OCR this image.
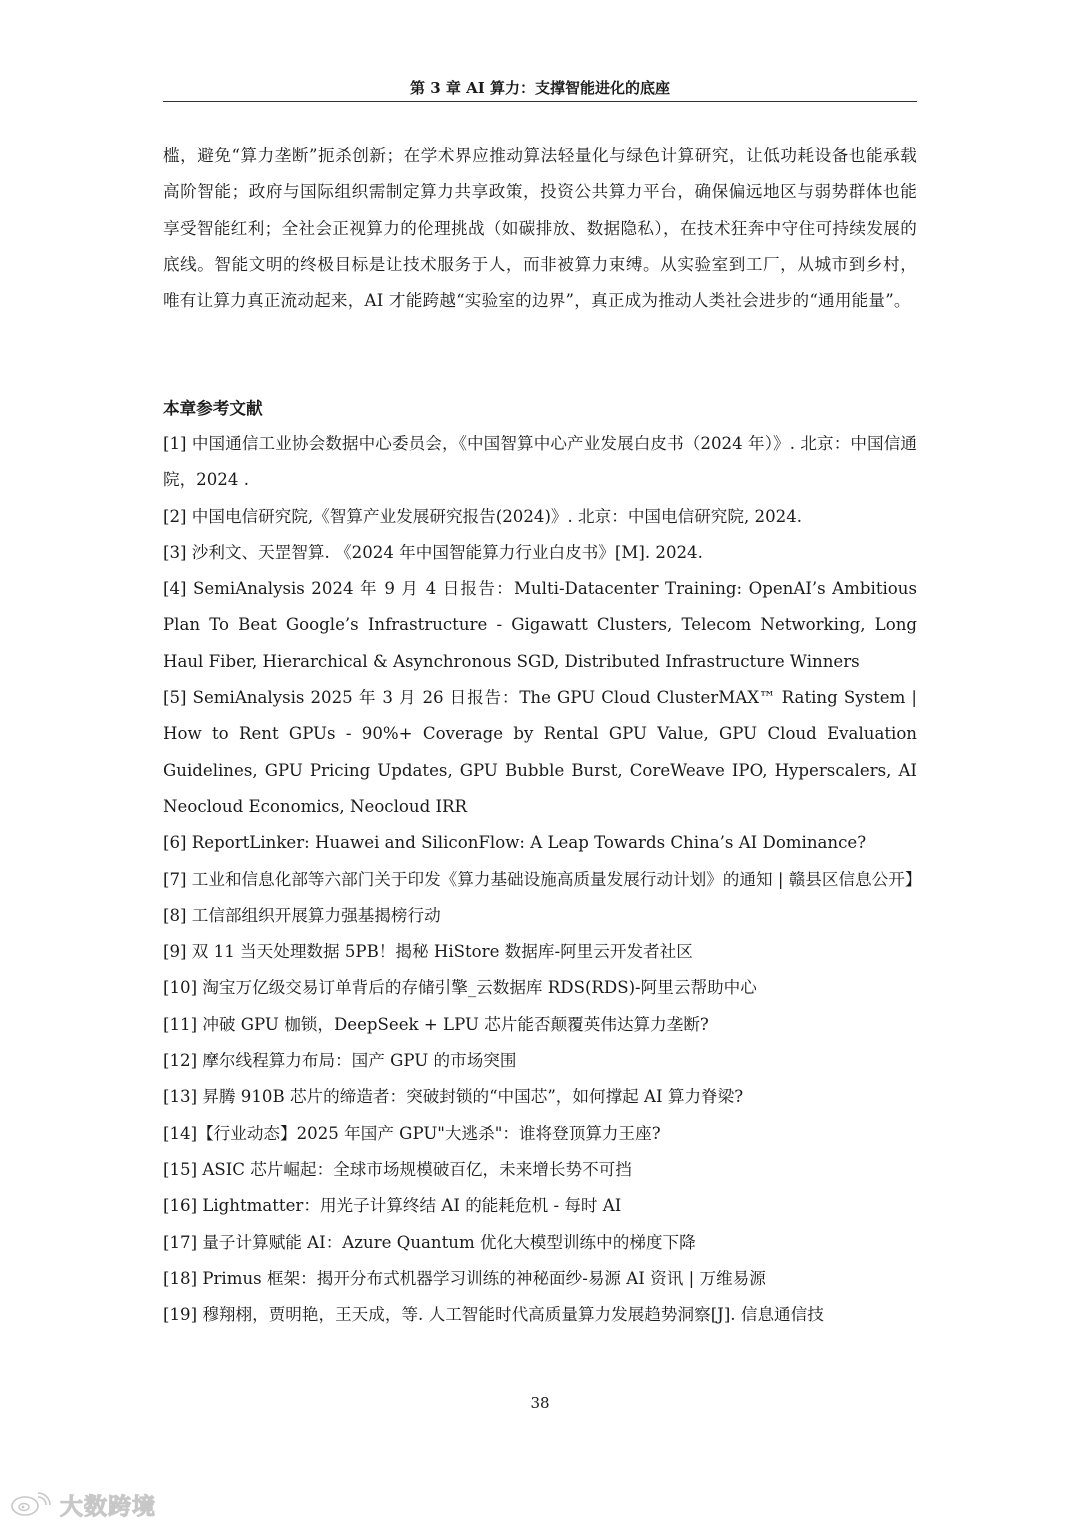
第 3 章 AI 算力：支撑智能进化的底座
槛，避免“算力垄断”扼杀创新；在学术界应推动算法轻量化与绿色计算研究，让低功耗设备也能承载高阶智能；政府与国际组织需制定算力共享政策，投资公共算力平台，确保偏远地区与弱势群体也能享受智能红利；全社会正视算力的伦理挑战（如碳排放、数据隐私），在技术狂奔中守住可持续发展的底线。智能文明的终极目标是让技术服务于人，而非被算力束缚。从实验室到工厂，从城市到乡村，唯有让算力真正流动起来，AI 才能跨越“实验室的边界”，真正成为推动人类社会进步的“通用能量”。
本章参考文献
[1] 中国通信工业协会数据中心委员会，《中国智算中心产业发展白皮书（2024 年）》. 北京：中国信通院，2024 .
[2] 中国电信研究院,《智算产业发展研究报告(2024)》. 北京：中国电信研究院, 2024.
[3] 沙利文、天罡智算. 《2024 年中国智能算力行业白皮书》[M]. 2024.
[4] SemiAnalysis 2024 年 9 月 4 日报告：Multi-Datacenter Training: OpenAI’s Ambitious Plan To Beat Google’s Infrastructure - Gigawatt Clusters, Telecom Networking, Long Haul Fiber, Hierarchical & Asynchronous SGD, Distributed Infrastructure Winners
[5] SemiAnalysis 2025 年 3 月 26 日报告：The GPU Cloud ClusterMAX™ Rating System | How to Rent GPUs - 90%+ Coverage by Rental GPU Value, GPU Cloud Evaluation Guidelines, GPU Pricing Updates, GPU Bubble Burst, CoreWeave IPO, Hyperscalers, AI Neocloud Economics, Neocloud IRR
[6] ReportLinker: Huawei and SiliconFlow: A Leap Towards China’s AI Dominance?
[7] 工业和信息化部等六部门关于印发《算力基础设施高质量发展行动计划》的通知 | 赣县区信息公开】
[8] 工信部组织开展算力强基揭榜行动
[9] 双 11 当天处理数据 5PB！揭秘 HiStore 数据库-阿里云开发者社区
[10] 淘宝万亿级交易订单背后的存储引擎_云数据库 RDS(RDS)-阿里云帮助中心
[11] 冲破 GPU 枷锁，DeepSeek + LPU 芯片能否颠覆英伟达算力垄断?
[12] 摩尔线程算力布局：国产 GPU 的市场突围
[13] 昇腾 910B 芯片的缔造者：突破封锁的“中国芯”，如何撑起 AI 算力脊梁?
[14]【行业动态】2025 年国产 GPU"大逃杀"：谁将登顶算力王座?
[15] ASIC 芯片崛起：全球市场规模破百亿，未来增长势不可挡
[16] Lightmatter：用光子计算终结 AI 的能耗危机 - 每时 AI
[17] 量子计算赋能 AI：Azure Quantum 优化大模型训练中的梯度下降
[18] Primus 框架：揭开分布式机器学习训练的神秘面纱-易源 AI 资讯 | 万维易源
[19] 穆翔栩，贾明艳，王天成，等. 人工智能时代高质量算力发展趋势洞察[J]. 信息通信技
38
大数跨境
